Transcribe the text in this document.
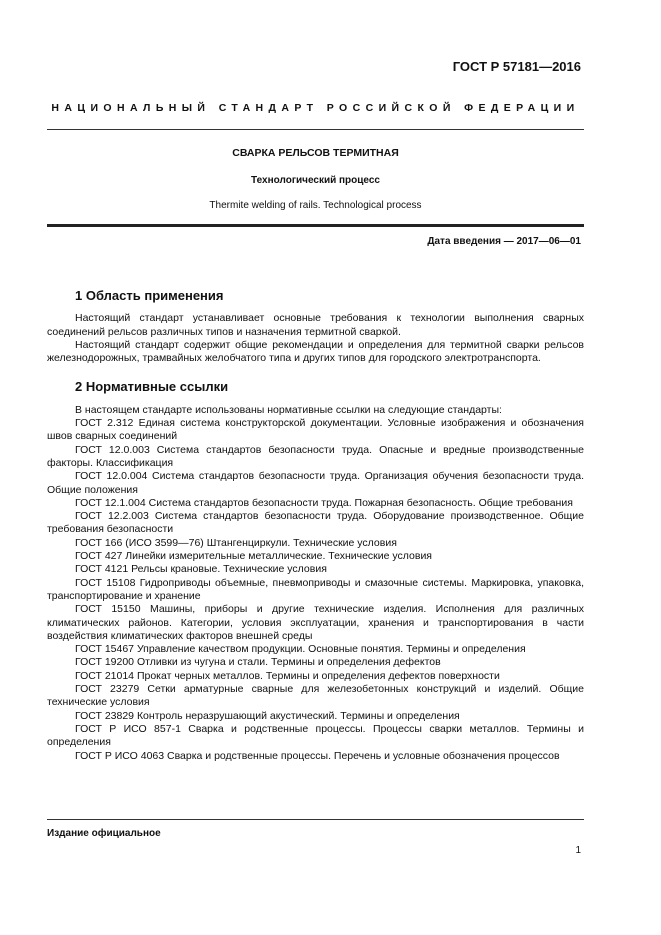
ГОСТ Р 57181—2016
НАЦИОНАЛЬНЫЙ СТАНДАРТ РОССИЙСКОЙ ФЕДЕРАЦИИ
СВАРКА РЕЛЬСОВ ТЕРМИТНАЯ
Технологический процесс
Thermite welding of rails. Technological process
Дата введения — 2017—06—01
1 Область применения

Настоящий стандарт устанавливает основные требования к технологии выполнения сварных соединений рельсов различных типов и назначения термитной сваркой.

Настоящий стандарт содержит общие рекомендации и определения для термитной сварки рельсов железнодорожных, трамвайных желобчатого типа и других типов для городского электротранспорта.

2 Нормативные ссылки

В настоящем стандарте использованы нормативные ссылки на следующие стандарты:

ГОСТ 2.312 Единая система конструкторской документации. Условные изображения и обозначения швов сварных соединений

ГОСТ 12.0.003 Система стандартов безопасности труда. Опасные и вредные производственные факторы. Классификация

ГОСТ 12.0.004 Система стандартов безопасности труда. Организация обучения безопасности труда. Общие положения

ГОСТ 12.1.004 Система стандартов безопасности труда. Пожарная безопасность. Общие требования

ГОСТ 12.2.003 Система стандартов безопасности труда. Оборудование производственное. Общие требования безопасности

ГОСТ 166 (ИСО 3599—76) Штангенциркули. Технические условия

ГОСТ 427 Линейки измерительные металлические. Технические условия

ГОСТ 4121 Рельсы крановые. Технические условия

ГОСТ 15108 Гидроприводы объемные, пневмоприводы и смазочные системы. Маркировка, упаковка, транспортирование и хранение

ГОСТ 15150 Машины, приборы и другие технические изделия. Исполнения для различных климатических районов. Категории, условия эксплуатации, хранения и транспортирования в части воздействия климатических факторов внешней среды

ГОСТ 15467 Управление качеством продукции. Основные понятия. Термины и определения

ГОСТ 19200 Отливки из чугуна и стали. Термины и определения дефектов

ГОСТ 21014 Прокат черных металлов. Термины и определения дефектов поверхности

ГОСТ 23279 Сетки арматурные сварные для железобетонных конструкций и изделий. Общие технические условия

ГОСТ 23829 Контроль неразрушающий акустический. Термины и определения

ГОСТ Р ИСО 857-1 Сварка и родственные процессы. Процессы сварки металлов. Термины и определения

ГОСТ Р ИСО 4063 Сварка и родственные процессы. Перечень и условные обозначения процессов

Издание официальное
1
